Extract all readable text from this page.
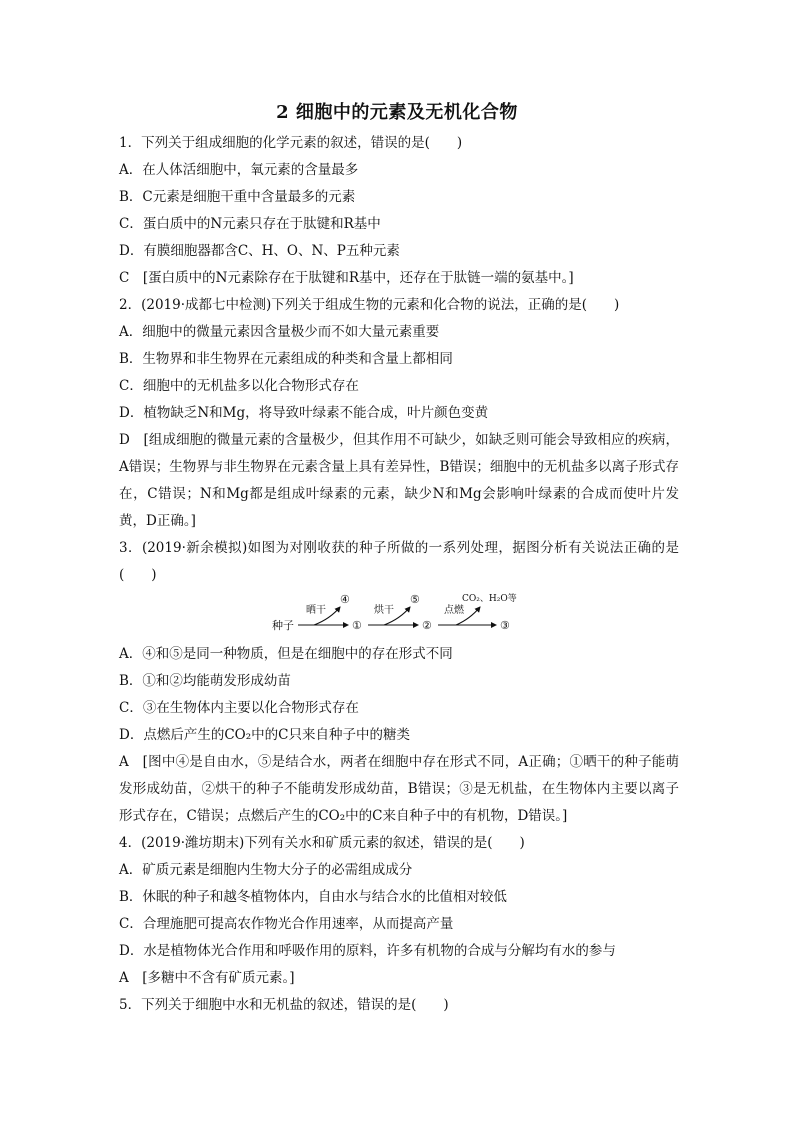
2 细胞中的元素及无机化合物
1．下列关于组成细胞的化学元素的叙述，错误的是(　　)
A．在人体活细胞中，氧元素的含量最多
B．C元素是细胞干重中含量最多的元素
C．蛋白质中的N元素只存在于肽键和R基中
D．有膜细胞器都含C、H、O、N、P五种元素
C　[蛋白质中的N元素除存在于肽键和R基中，还存在于肽链一端的氨基中。]
2．(2019·成都七中检测)下列关于组成生物的元素和化合物的说法，正确的是(　　)
A．细胞中的微量元素因含量极少而不如大量元素重要
B．生物界和非生物界在元素组成的种类和含量上都相同
C．细胞中的无机盐多以化合物形式存在
D．植物缺乏N和Mg，将导致叶绿素不能合成，叶片颜色变黄
D　[组成细胞的微量元素的含量极少，但其作用不可缺少，如缺乏则可能会导致相应的疾病，A错误；生物界与非生物界在元素含量上具有差异性，B错误；细胞中的无机盐多以离子形式存在，C错误；N和Mg都是组成叶绿素的元素，缺少N和Mg会影响叶绿素的合成而使叶片发黄，D正确。]
3．(2019·新余模拟)如图为对刚收获的种子所做的一系列处理，据图分析有关说法正确的是(　　)
种子
晒干
④
①
烘干
⑤
②
点燃
CO₂、H₂O等
③
A．④和⑤是同一种物质，但是在细胞中的存在形式不同
B．①和②均能萌发形成幼苗
C．③在生物体内主要以化合物形式存在
D．点燃后产生的CO₂中的C只来自种子中的糖类
A　[图中④是自由水，⑤是结合水，两者在细胞中存在形式不同，A正确；①晒干的种子能萌发形成幼苗，②烘干的种子不能萌发形成幼苗，B错误；③是无机盐，在生物体内主要以离子形式存在，C错误；点燃后产生的CO₂中的C来自种子中的有机物，D错误。]
4．(2019·潍坊期末)下列有关水和矿质元素的叙述，错误的是(　　)
A．矿质元素是细胞内生物大分子的必需组成成分
B．休眠的种子和越冬植物体内，自由水与结合水的比值相对较低
C．合理施肥可提高农作物光合作用速率，从而提高产量
D．水是植物体光合作用和呼吸作用的原料，许多有机物的合成与分解均有水的参与
A　[多糖中不含有矿质元素。]
5．下列关于细胞中水和无机盐的叙述，错误的是(　　)
